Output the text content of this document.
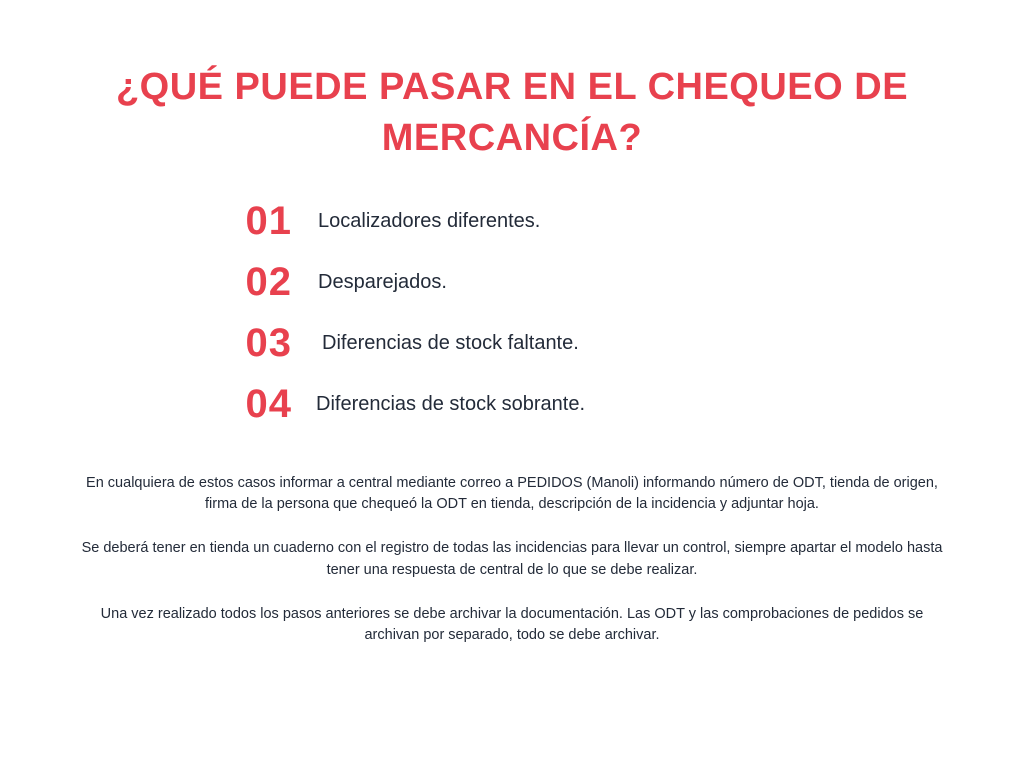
¿QUÉ PUEDE PASAR EN EL CHEQUEO DE MERCANCÍA?
01 Localizadores diferentes.
02 Desparejados.
03 Diferencias de stock faltante.
04 Diferencias de stock sobrante.
En cualquiera de estos casos informar a central mediante correo a PEDIDOS (Manoli) informando número de ODT, tienda de origen, firma de la persona que chequeó la ODT en tienda, descripción de la incidencia y adjuntar hoja.
Se deberá tener en tienda un cuaderno con el registro de todas las incidencias para llevar un control, siempre apartar el modelo hasta tener una respuesta de central de lo que se debe realizar.
Una vez realizado todos los pasos anteriores se debe archivar la documentación. Las ODT y las comprobaciones de pedidos se archivan por separado, todo se debe archivar.
